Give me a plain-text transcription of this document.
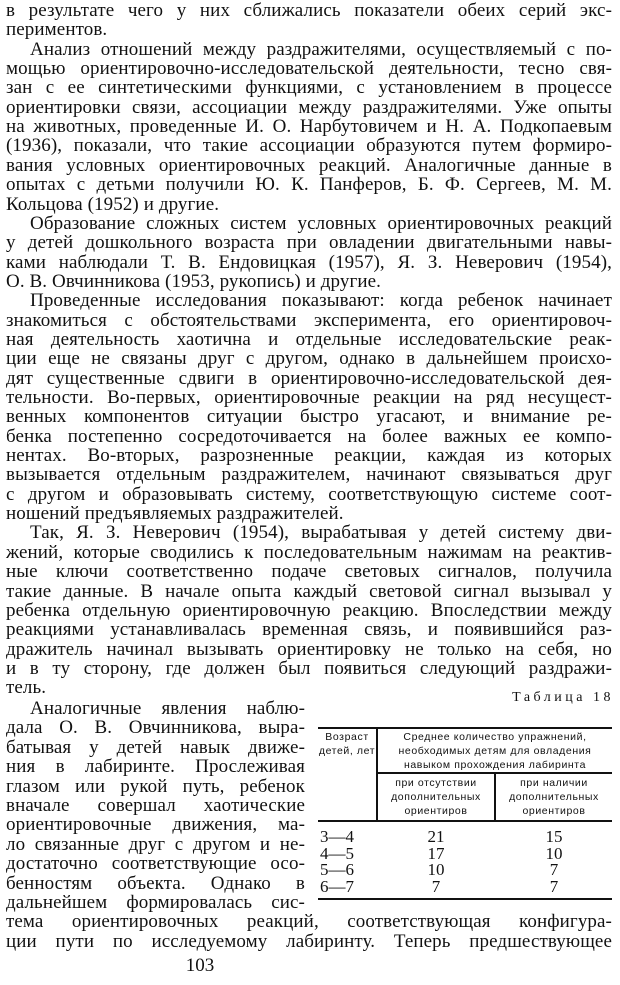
в результате чего у них сближались показатели обеих серий экс-
периментов.
Анализ отношений между раздражителями, осуществляемый с по-
мощью ориентировочно-исследовательской деятельности, тесно свя-
зан с ее синтетическими функциями, с установлением в процессе
ориентировки связи, ассоциации между раздражителями. Уже опыты
на животных, проведенные И. О. Нарбутовичем и Н. А. Подкопаевым
(1936), показали, что такие ассоциации образуются путем формиро-
вания условных ориентировочных реакций. Аналогичные данные в
опытах с детьми получили Ю. К. Панферов, Б. Ф. Сергеев, М. М.
Кольцова (1952) и другие.
Образование сложных систем условных ориентировочных реакций
у детей дошкольного возраста при овладении двигательными навы-
ками наблюдали Т. В. Ендовицкая (1957), Я. З. Неверович (1954),
О. В. Овчинникова (1953, рукопись) и другие.
Проведенные исследования показывают: когда ребенок начинает
знакомиться с обстоятельствами эксперимента, его ориентировоч-
ная деятельность хаотична и отдельные исследовательские реак-
ции еще не связаны друг с другом, однако в дальнейшем происхо-
дят существенные сдвиги в ориентировочно-исследовательской дея-
тельности. Во-первых, ориентировочные реакции на ряд несущест-
венных компонентов ситуации быстро угасают, и внимание ре-
бенка постепенно сосредоточивается на более важных ее компо-
нентах. Во-вторых, разрозненные реакции, каждая из которых
вызывается отдельным раздражителем, начинают связываться друг
с другом и образовывать систему, соответствующую системе соот-
ношений предъявляемых раздражителей.
Так, Я. З. Неверович (1954), вырабатывая у детей систему дви-
жений, которые сводились к последовательным нажимам на реактив-
ные ключи соответственно подаче световых сигналов, получила
такие данные. В начале опыта каждый световой сигнал вызывал у
ребенка отдельную ориентировочную реакцию. Впоследствии между
реакциями устанавливалась временная связь, и появившийся раз-
дражитель начинал вызывать ориентировку не только на себя, но
и в ту сторону, где должен был появиться следующий раздражи-
тель.
тема ориентировочных реакций, соответствующая конфигура-
ции пути по исследуемому лабиринту. Теперь предшествующее
Аналогичные явления наблю-
дала О. В. Овчинникова, выра-
батывая у детей навык движе-
ния в лабиринте. Прослеживая
глазом или рукой путь, ребенок
вначале совершал хаотические
ориентировочные движения, ма-
ло связанные друг с другом и не-
достаточно соответствующие осо-
бенностям объекта. Однако в
дальнейшем формировалась сис-
Таблица 18
Возраст детей, лет
Среднее количество упражнений, необходимых детям для овладения навыком прохождения лабиринта
при отсутствии дополнительных ориентиров
при наличии дополнительных ориентиров
3—4	21	15
4—5	17	10
5—6	10	7
6—7	7	7
103
